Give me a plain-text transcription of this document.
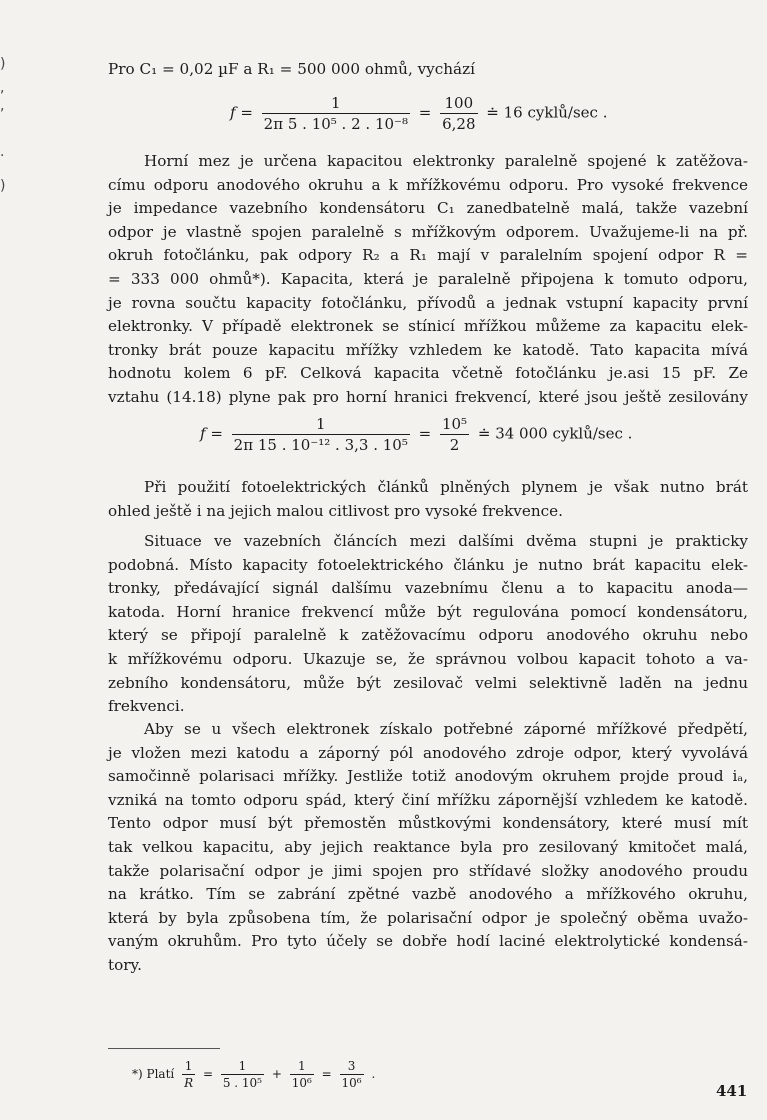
)
,
,
·
)
Pro C₁ = 0,02 µF a R₁ = 500 000 ohmů, vychází
$f = \frac{1}{\text{2π 5 . 10⁵ . 2 . 10⁻⁸}} = \frac{100}{6,28}$ ≐ 16 cyklů/sec .
Horní mez je určena kapacitou elektronky paralelně spojené k zatěžova-
címu odporu anodového okruhu a k mřížkovému odporu. Pro vysoké frekvence
je impedance vazebního kondensátoru C₁ zanedbatelně malá, takže vazební
odpor je vlastně spojen paralelně s mřížkovým odporem. Uvažujeme-li na př.
okruh fotočlánku, pak odpory R₂ a R₁ mají v paralelním spojení odpor R =
= 333 000 ohmů*). Kapacita, která je paralelně připojena k tomuto odporu,
je rovna součtu kapacity fotočlánku, přívodů a jednak vstupní kapacity první
elektronky. V případě elektronek se stínicí mřížkou můžeme za kapacitu elek-
tronky brát pouze kapacitu mřížky vzhledem ke katodě. Tato kapacita mívá
hodnotu kolem 6 pF. Celková kapacita včetně fotočlánku je.asi 15 pF. Ze
vztahu (14.18) plyne pak pro horní hranici frekvencí, které jsou ještě zesilovány
$f = \frac{1}{\text{2π 15 . 10⁻¹² . 3,3 . 10⁵}} = \frac{\text{10⁵}}{2}$ ≐ 34 000 cyklů/sec .
Při použití fotoelektrických článků plněných plynem je však nutno brát
ohled ještě i na jejich malou citlivost pro vysoké frekvence.
Situace ve vazebních článcích mezi dalšími dvěma stupni je prakticky
podobná. Místo kapacity fotoelektrického článku je nutno brát kapacitu elek-
tronky, předávající signál dalšímu vazebnímu členu a to kapacitu anoda—
katoda. Horní hranice frekvencí může být regulována pomocí kondensátoru,
který se připojí paralelně k zatěžovacímu odporu anodového okruhu nebo
k mřížkovému odporu. Ukazuje se, že správnou volbou kapacit tohoto a va-
zebního kondensátoru, může být zesilovač velmi selektivně laděn na jednu
frekvenci.
Aby se u všech elektronek získalo potřebné záporné mřížkové předpětí,
je vložen mezi katodu a záporný pól anodového zdroje odpor, který vyvolává
samočinně polarisaci mřížky. Jestliže totiž anodovým okruhem projde proud iₐ,
vzniká na tomto odporu spád, který činí mřížku zápornější vzhledem ke katodě.
Tento odpor musí být přemostěn můstkovými kondensátory, které musí mít
tak velkou kapacitu, aby jejich reaktance byla pro zesilovaný kmitočet malá,
takže polarisační odpor je jimi spojen pro střídavé složky anodového proudu
na krátko. Tím se zabrání zpětné vazbě anodového a mřížkového okruhu,
která by byla způsobena tím, že polarisační odpor je společný oběma uvažo-
vaným okruhům. Pro tyto účely se dobře hodí laciné elektrolytické kondensá-
tory.
*) Platí $\frac{1}{R} = \frac{1}{\text{5 . 10⁵}} + \frac{1}{\text{10⁶}} = \frac{3}{\text{10⁶}}$ .
441
